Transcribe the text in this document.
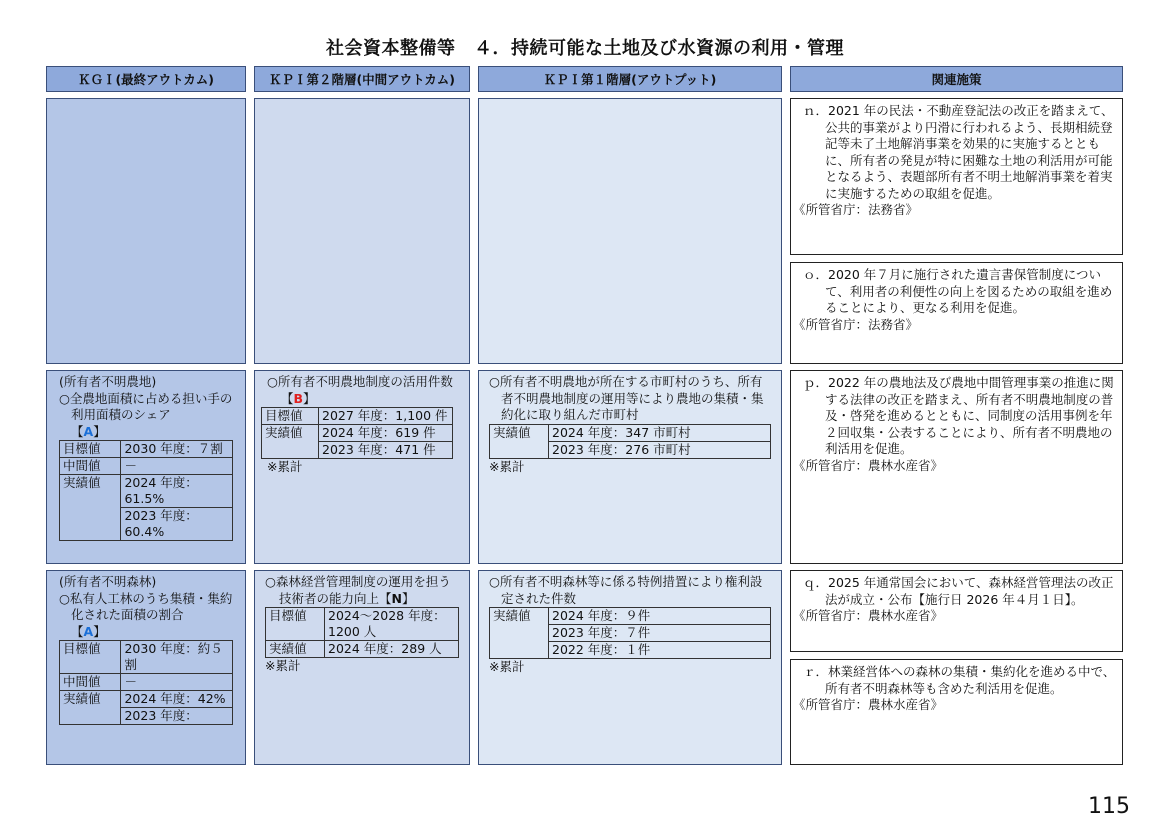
社会資本整備等　４．持続可能な土地及び水資源の利用・管理
ＫＧＩ(最終アウトカム)	ＫＰＩ第２階層(中間アウトカム)	ＫＰＩ第１階層(アウトプット)	関連施策
ｎ．2021 年の民法・不動産登記法の改正を踏まえて、公共的事業がより円滑に行われるよう、長期相続登記等未了土地解消事業を効果的に実施するとともに、所有者の発見が特に困難な土地の利活用が可能となるよう、表題部所有者不明土地解消事業を着実に実施するための取組を促進。
《所管省庁：法務省》
ｏ．2020 年７月に施行された遺言書保管制度について、利用者の利便性の向上を図るための取組を進めることにより、更なる利用を促進。
《所管省庁：法務省》
(所有者不明農地)
○全農地面積に占める担い手の利用面積のシェア
【A】
目標値	2030 年度：７割
中間値	－
実績値	2024 年度：61.5%
	2023 年度：60.4%
○所有者不明農地制度の活用件数【B】
目標値	2027 年度：1,100 件
実績値	2024 年度：619 件
	2023 年度：471 件
※累計
○所有者不明農地が所在する市町村のうち、所有者不明農地制度の運用等により農地の集積・集約化に取り組んだ市町村
実績値	2024 年度：347 市町村
2023 年度：276 市町村
※累計
ｐ．2022 年の農地法及び農地中間管理事業の推進に関する法律の改正を踏まえ、所有者不明農地制度の普及・啓発を進めるとともに、同制度の活用事例を年２回収集・公表することにより、所有者不明農地の利活用を促進。
《所管省庁：農林水産省》
(所有者不明森林)
○私有人工林のうち集積・集約化された面積の割合
【A】
目標値	2030 年度：約５割
中間値	－
実績値	2024 年度：42%
	2023 年度：
○森林経営管理制度の運用を担う技術者の能力向上【N】
目標値	2024～2028 年度：1200 人
実績値	2024 年度：289 人
※累計
○所有者不明森林等に係る特例措置により権利設定された件数
実績値	2024 年度：９件
2023 年度：７件
2022 年度：１件
※累計
ｑ．2025 年通常国会において、森林経営管理法の改正法が成立・公布【施行日 2026 年４月１日】。
《所管省庁：農林水産省》
ｒ．林業経営体への森林の集積・集約化を進める中で、所有者不明森林等も含めた利活用を促進。
《所管省庁：農林水産省》
115
